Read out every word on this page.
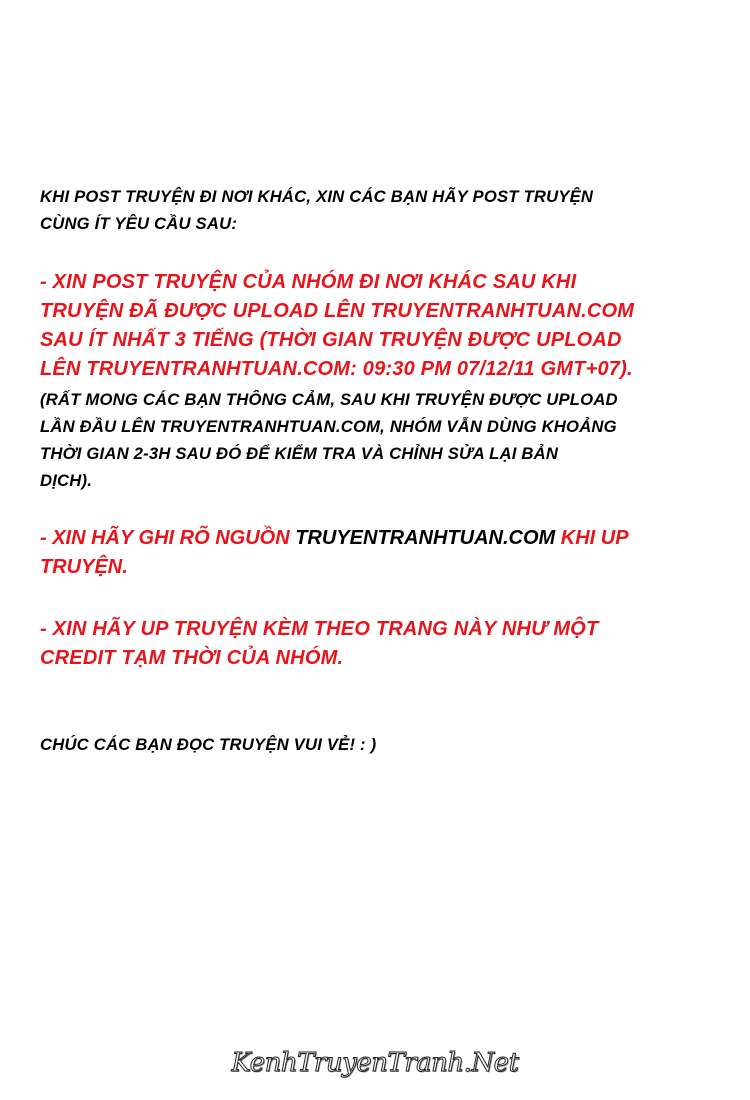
KHI POST TRUYỆN ĐI NƠI KHÁC, XIN CÁC BẠN HÃY POST TRUYỆN
CÙNG ÍT YÊU CẦU SAU:
- XIN POST TRUYỆN CỦA NHÓM ĐI NƠI KHÁC SAU KHI
TRUYỆN ĐÃ ĐƯỢC UPLOAD LÊN TRUYENTRANHTUAN.COM
SAU ÍT NHẤT 3 TIẾNG (THỜI GIAN TRUYỆN ĐƯỢC UPLOAD
LÊN TRUYENTRANHTUAN.COM: 09:30 PM 07/12/11 GMT+07).
(RẤT MONG CÁC BẠN THÔNG CẢM, SAU KHI TRUYỆN ĐƯỢC UPLOAD
LẦN ĐẦU LÊN TRUYENTRANHTUAN.COM, NHÓM VẪN DÙNG KHOẢNG
THỜI GIAN 2-3H SAU ĐÓ ĐỂ KIỂM TRA VÀ CHỈNH SỬA LẠI BẢN
DỊCH).
- XIN HÃY GHI RÕ NGUỒN TRUYENTRANHTUAN.COM KHI UP
TRUYỆN.
- XIN HÃY UP TRUYỆN KÈM THEO TRANG NÀY NHƯ MỘT
CREDIT TẠM THỜI CỦA NHÓM.
CHÚC CÁC BẠN ĐỌC TRUYỆN VUI VẺ! : )
KenhTruyenTranh.Net
